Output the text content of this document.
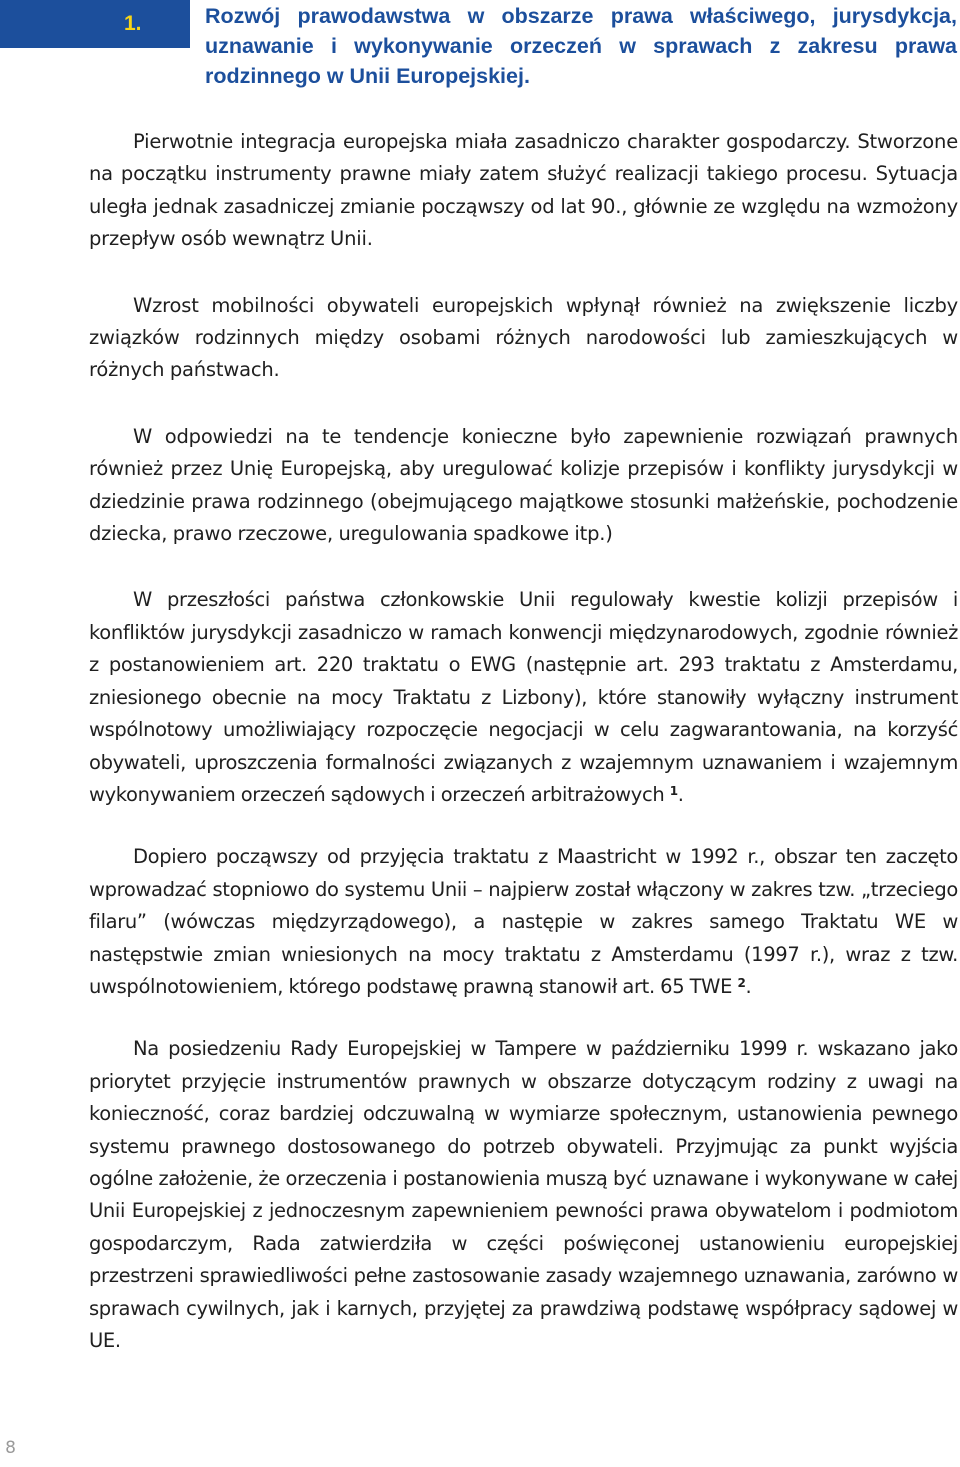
1.	Rozwój prawodawstwa w obszarze prawa właściwego, jurysdykcja, uznawanie i wykonywanie orzeczeń w sprawach z zakresu prawa rodzinnego w Unii Europejskiej.

Pierwotnie integracja europejska miała zasadniczo charakter gospodarczy. Stworzone na początku instrumenty prawne miały zatem służyć realizacji takiego procesu. Sytuacja uległa jednak zasadniczej zmianie począwszy od lat 90., głównie ze względu na wzmożony przepływ osób wewnątrz Unii.

Wzrost mobilności obywateli europejskich wpłynął również na zwiększenie liczby związków rodzinnych między osobami różnych narodowości lub zamieszkujących w różnych państwach.

W odpowiedzi na te tendencje konieczne było zapewnienie rozwiązań prawnych również przez Unię Europejską, aby uregulować kolizje przepisów i konflikty jurysdykcji w dziedzinie prawa rodzinnego (obejmującego majątkowe stosunki małżeńskie, pochodzenie dziecka, prawo rzeczowe, uregulowania spadkowe itp.)

W przeszłości państwa członkowskie Unii regulowały kwestie kolizji przepisów i konfliktów jurysdykcji zasadniczo w ramach konwencji międzynarodowych, zgodnie również z postanowieniem art. 220 traktatu o EWG (następnie art. 293 traktatu z Amsterdamu, zniesionego obecnie na mocy Traktatu z Lizbony), które stanowiły wyłączny instrument wspólnotowy umożliwiający rozpoczęcie negocjacji w celu zagwarantowania, na korzyść obywateli, uproszczenia formalności związanych z wzajemnym uznawaniem i wzajemnym wykonywaniem orzeczeń sądowych i orzeczeń arbitrażowych $^1$.

Dopiero począwszy od przyjęcia traktatu z Maastricht w 1992 r., obszar ten zaczęto wprowadzać stopniowo do systemu Unii – najpierw został włączony w zakres tzw. „trzeciego filaru” (wówczas międzyrządowego), a następie w zakres samego Traktatu WE w następstwie zmian wniesionych na mocy traktatu z Amsterdamu (1997 r.), wraz z tzw. uwspólnotowieniem, którego podstawę prawną stanowił art. 65 TWE $^2$.

Na posiedzeniu Rady Europejskiej w Tampere w październiku 1999 r. wskazano jako priorytet przyjęcie instrumentów prawnych w obszarze dotyczącym rodziny z uwagi na konieczność, coraz bardziej odczuwalną w wymiarze społecznym, ustanowienia pewnego systemu prawnego dostosowanego do potrzeb obywateli. Przyjmując za punkt wyjścia ogólne założenie, że orzeczenia i postanowienia muszą być uznawane i wykonywane w całej Unii Europejskiej z jednoczesnym zapewnieniem pewności prawa obywatelom i podmiotom gospodarczym, Rada zatwierdziła w części poświęconej ustanowieniu europejskiej przestrzeni sprawiedliwości pełne zastosowanie zasady wzajemnego uznawania, zarówno w sprawach cywilnych, jak i karnych, przyjętej za prawdziwą podstawę współpracy sądowej w UE.

8
